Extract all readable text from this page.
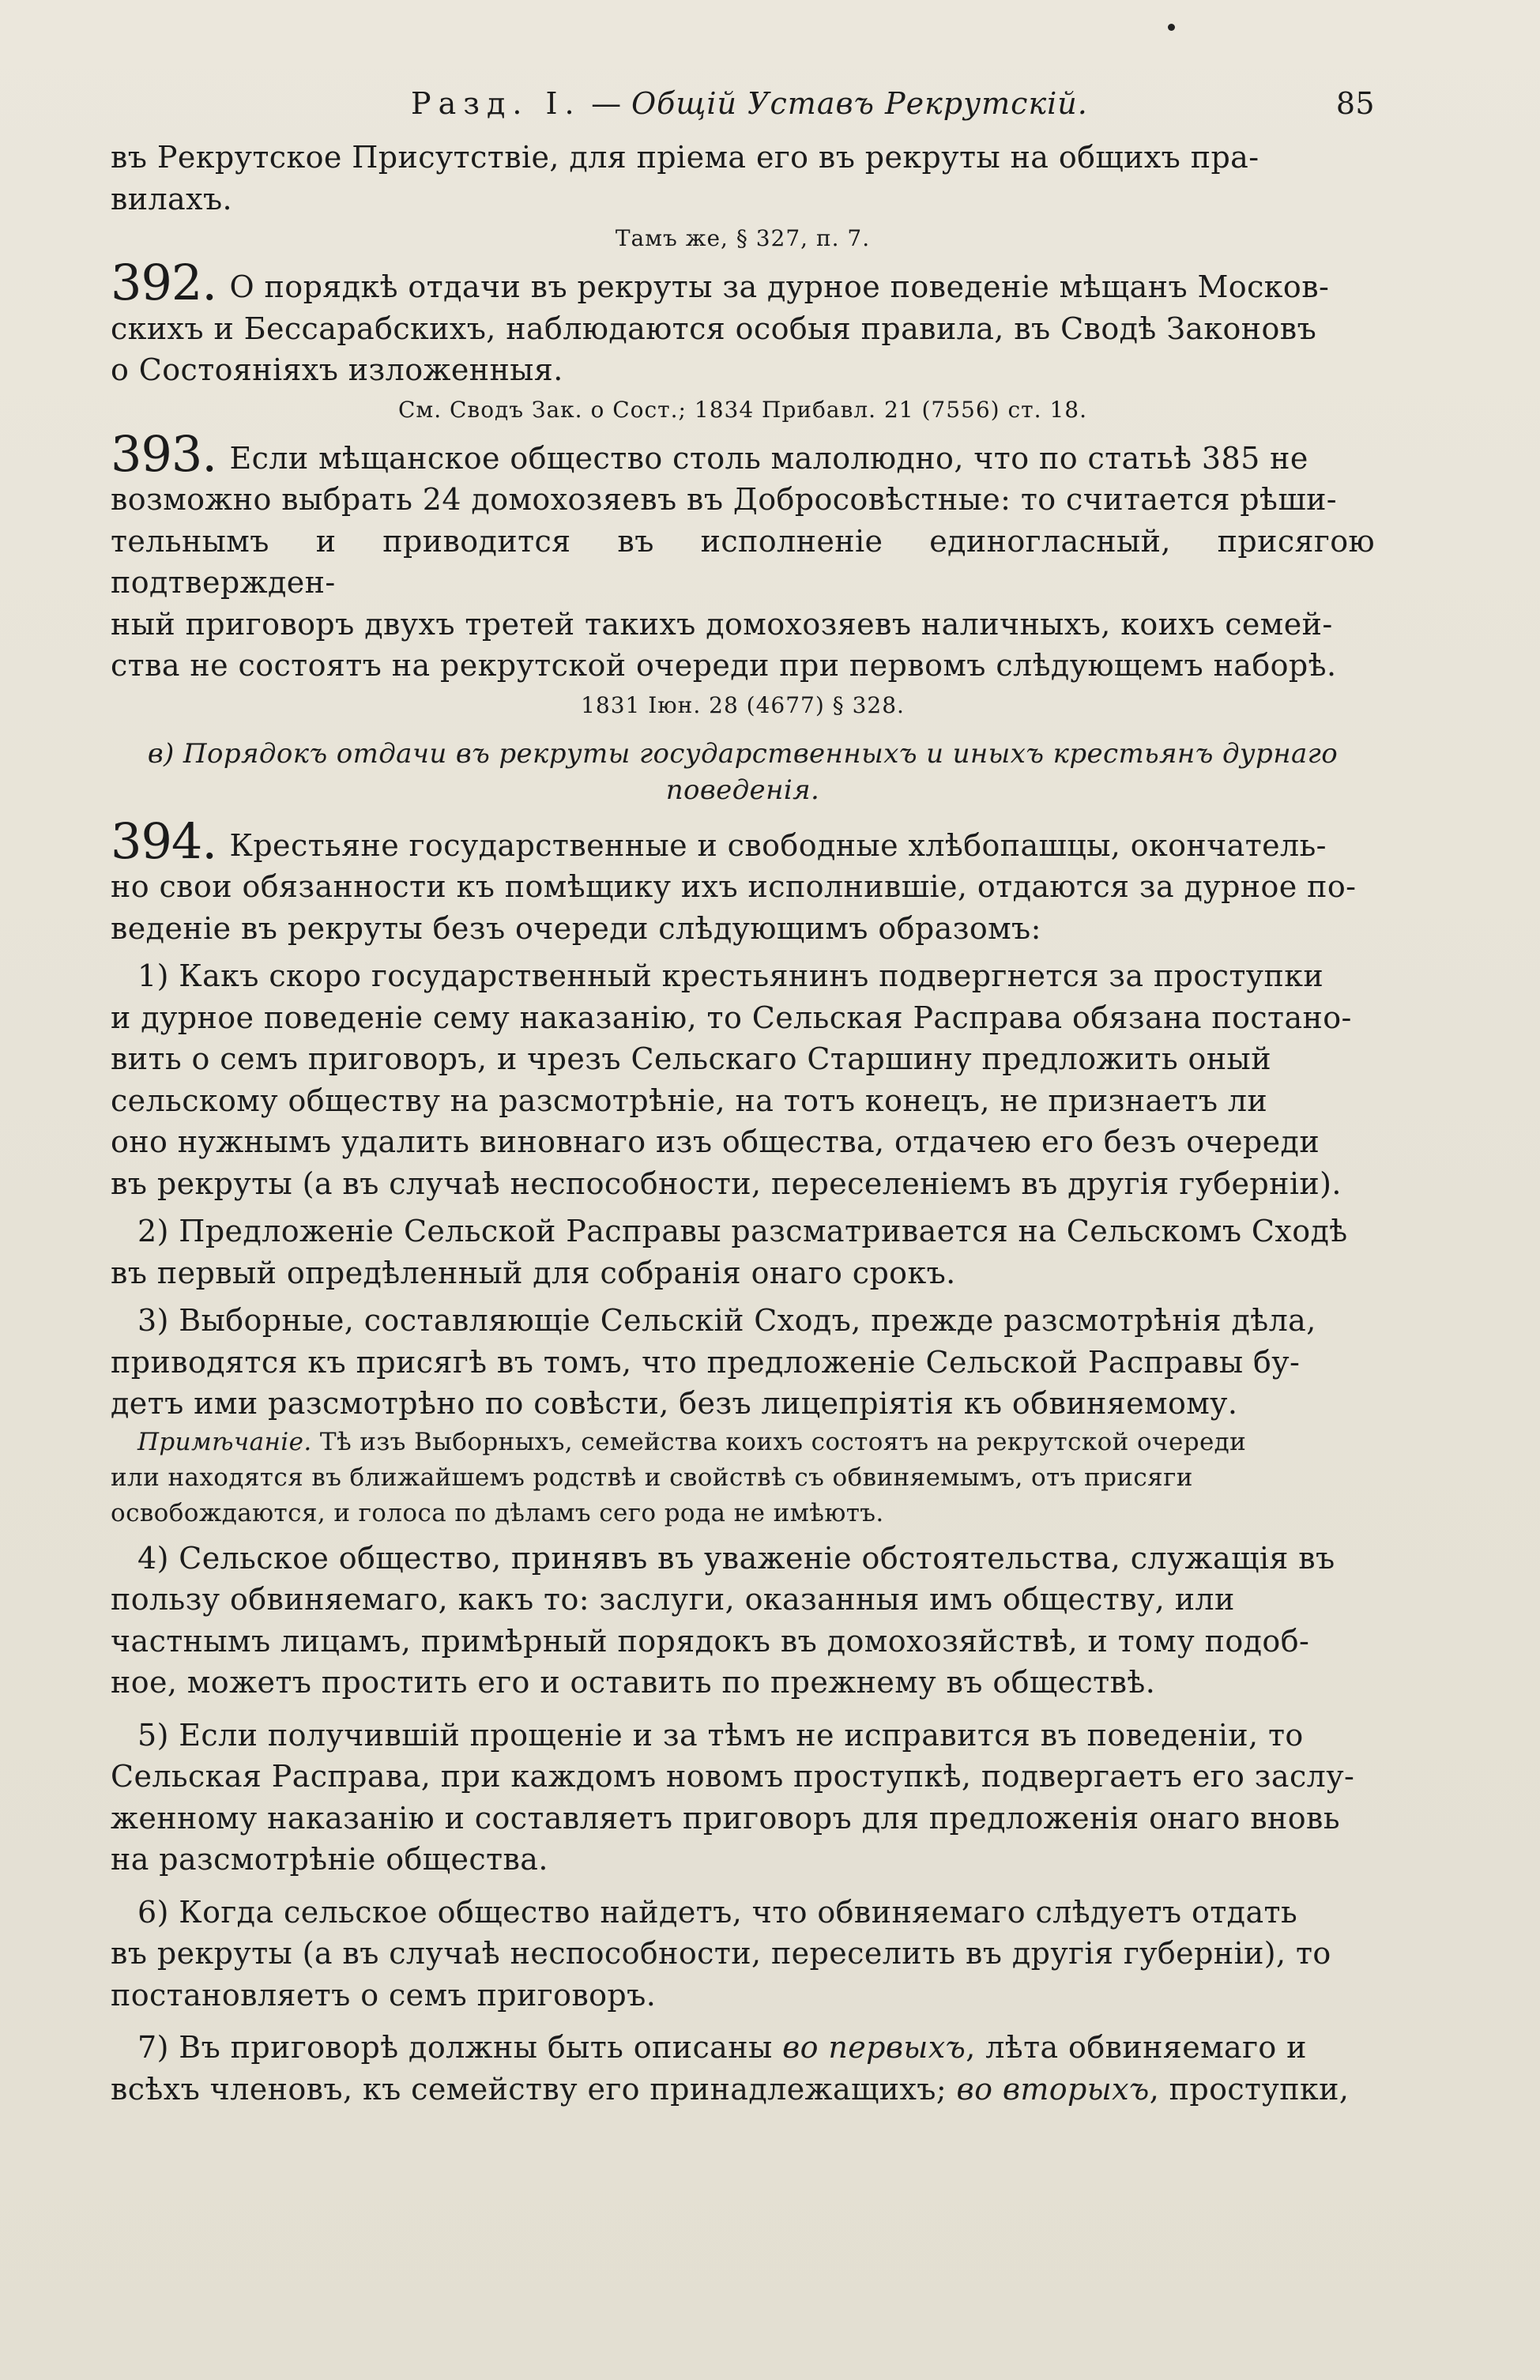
Разд. I. — Общій Уставъ Рекрутскій.	85

въ Рекрутское Присутствіе, для пріема его въ рекруты на общихъ пра-
вилахъ.

Тамъ же, § 327, п. 7.

392. О порядкѣ отдачи въ рекруты за дурное поведеніе мѣщанъ Москов-
скихъ и Бессарабскихъ, наблюдаются особыя правила, въ Сводѣ Законовъ
о Состояніяхъ изложенныя.

См. Сводъ Зак. о Сост.; 1834 Прибавл. 21 (7556) ст. 18.

393. Если мѣщанское общество столь малолюдно, что по статьѣ 385 не
возможно выбрать 24 домохозяевъ въ Добросовѣстные: то считается рѣши-
тельнымъ и приводится въ исполненіе единогласный, присягою подтвержден-
ный приговоръ двухъ третей такихъ домохозяевъ наличныхъ, коихъ семей-
ства не состоятъ на рекрутской очереди при первомъ слѣдующемъ наборѣ.

1831 Іюн. 28 (4677) § 328.

в) Порядокъ отдачи въ рекруты государственныхъ и иныхъ крестьянъ дурнаго
поведенія.

394. Крестьяне государственные и свободные хлѣбопашцы, окончатель-
но свои обязанности къ помѣщику ихъ исполнившіе, отдаются за дурное по-
веденіе въ рекруты безъ очереди слѣдующимъ образомъ:

1) Какъ скоро государственный крестьянинъ подвергнется за проступки
и дурное поведеніе сему наказанію, то Сельская Расправа обязана постано-
вить о семъ приговоръ, и чрезъ Сельскаго Старшину предложить оный
сельскому обществу на разсмотрѣніе, на тотъ конецъ, не признаетъ ли
оно нужнымъ удалить виновнаго изъ общества, отдачею его безъ очереди
въ рекруты (а въ случаѣ неспособности, переселеніемъ въ другія губерніи).

2) Предложеніе Сельской Расправы разсматривается на Сельскомъ Сходѣ
въ первый опредѣленный для собранія онаго срокъ.

3) Выборные, составляющіе Сельскій Сходъ, прежде разсмотрѣнія дѣла,
приводятся къ присягѣ въ томъ, что предложеніе Сельской Расправы бу-
детъ ими разсмотрѣно по совѣсти, безъ лицепріятія къ обвиняемому.

Примѣчаніе. Тѣ изъ Выборныхъ, семейства коихъ состоятъ на рекрутской очереди
или находятся въ ближайшемъ родствѣ и свойствѣ съ обвиняемымъ, отъ присяги
освобождаются, и голоса по дѣламъ сего рода не имѣютъ.

4) Сельское общество, принявъ въ уваженіе обстоятельства, служащія въ
пользу обвиняемаго, какъ то: заслуги, оказанныя имъ обществу, или
частнымъ лицамъ, примѣрный порядокъ въ домохозяйствѣ, и тому подоб-
ное, можетъ простить его и оставить по прежнему въ обществѣ.

5) Если получившій прощеніе и за тѣмъ не исправится въ поведеніи, то
Сельская Расправа, при каждомъ новомъ проступкѣ, подвергаетъ его заслу-
женному наказанію и составляетъ приговоръ для предложенія онаго вновь
на разсмотрѣніе общества.

6) Когда сельское общество найдетъ, что обвиняемаго слѣдуетъ отдать
въ рекруты (а въ случаѣ неспособности, переселить въ другія губерніи), то
постановляетъ о семъ приговоръ.

7) Въ приговорѣ должны быть описаны во первыхъ, лѣта обвиняемаго и
всѣхъ членовъ, къ семейству его принадлежащихъ; во вторыхъ, проступки,
